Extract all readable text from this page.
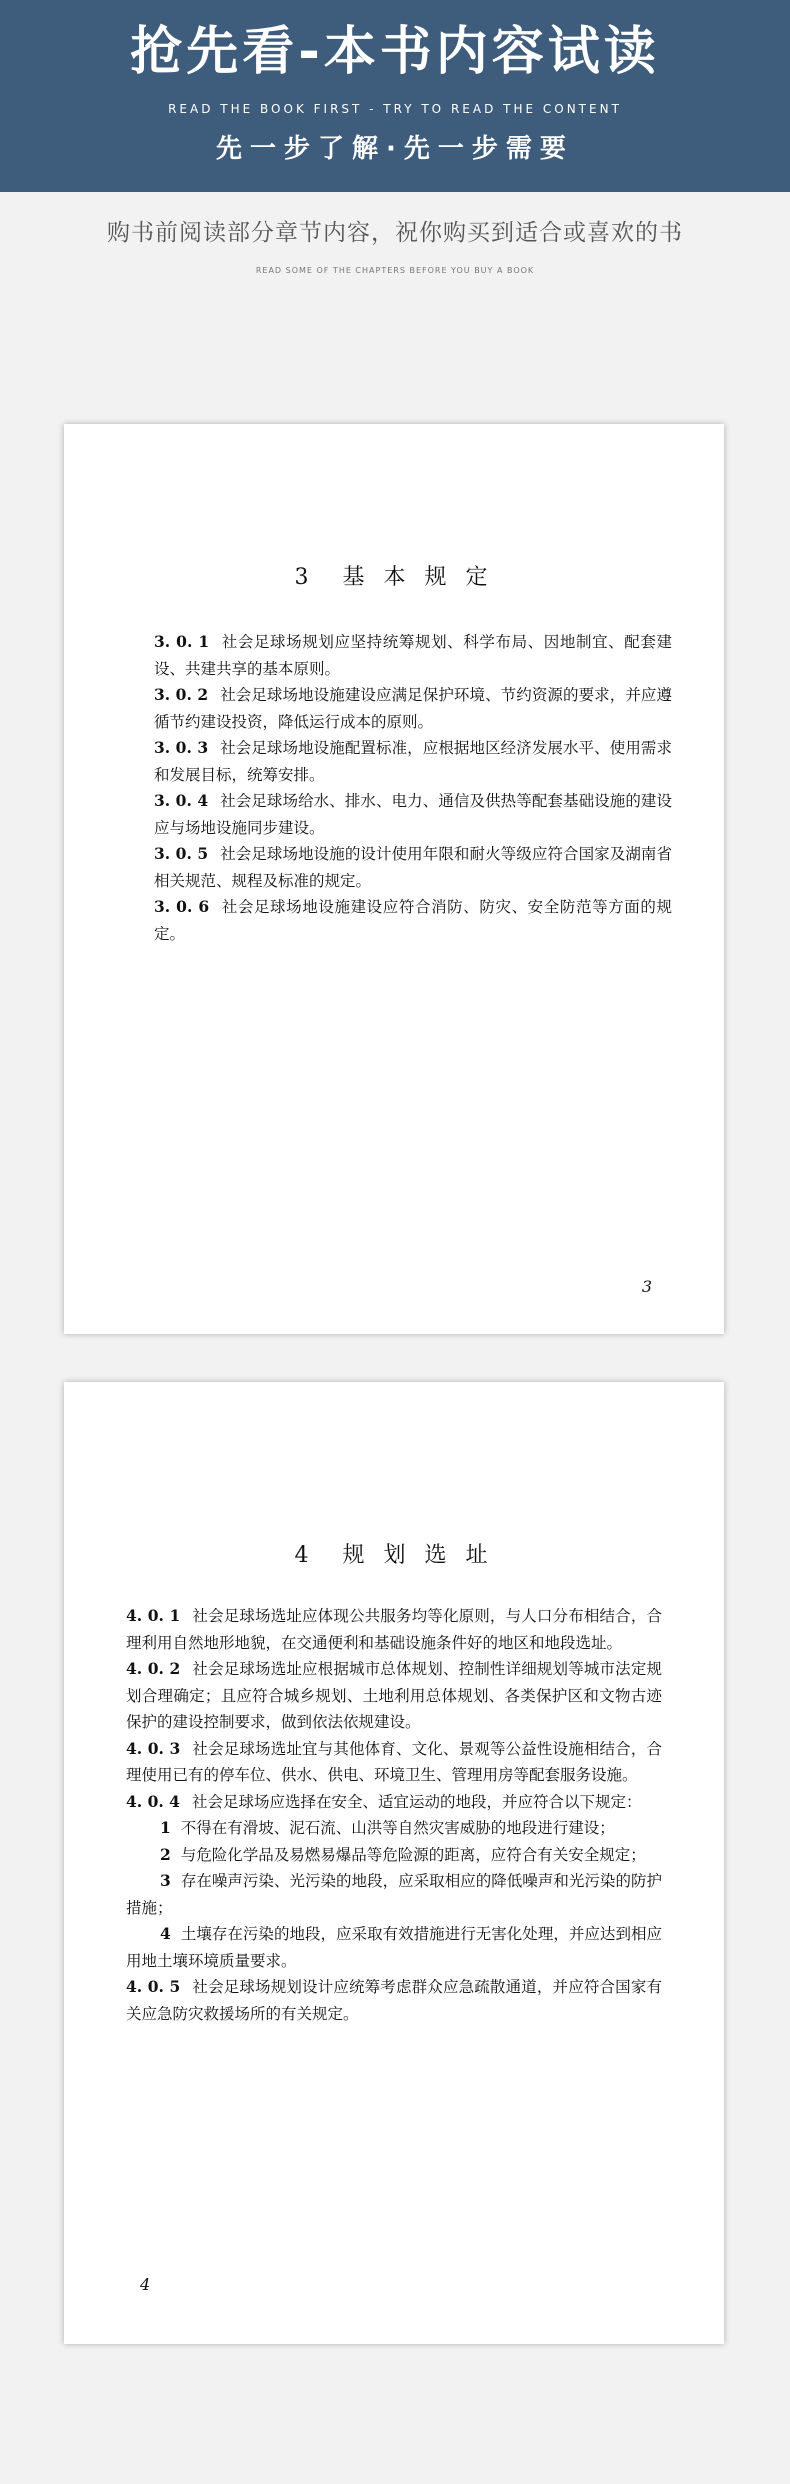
抢先看-本书内容试读
READ THE BOOK FIRST - TRY TO READ THE CONTENT
先一步了解·先一步需要
购书前阅读部分章节内容，祝你购买到适合或喜欢的书
READ SOME OF THE CHAPTERS BEFORE YOU BUY A BOOK
3　基 本 规 定

3. 0. 1 社会足球场规划应坚持统筹规划、科学布局、因地制宜、配套建设、共建共享的基本原则。

3. 0. 2 社会足球场地设施建设应满足保护环境、节约资源的要求，并应遵循节约建设投资，降低运行成本的原则。

3. 0. 3 社会足球场地设施配置标准，应根据地区经济发展水平、使用需求和发展目标，统筹安排。

3. 0. 4 社会足球场给水、排水、电力、通信及供热等配套基础设施的建设应与场地设施同步建设。

3. 0. 5 社会足球场地设施的设计使用年限和耐火等级应符合国家及湖南省相关规范、规程及标准的规定。

3. 0. 6 社会足球场地设施建设应符合消防、防灾、安全防范等方面的规定。

3
4　规 划 选 址

4. 0. 1 社会足球场选址应体现公共服务均等化原则，与人口分布相结合，合理利用自然地形地貌，在交通便利和基础设施条件好的地区和地段选址。

4. 0. 2 社会足球场选址应根据城市总体规划、控制性详细规划等城市法定规划合理确定；且应符合城乡规划、土地利用总体规划、各类保护区和文物古迹保护的建设控制要求，做到依法依规建设。

4. 0. 3 社会足球场选址宜与其他体育、文化、景观等公益性设施相结合，合理使用已有的停车位、供水、供电、环境卫生、管理用房等配套服务设施。

4. 0. 4 社会足球场应选择在安全、适宜运动的地段，并应符合以下规定：

1 不得在有滑坡、泥石流、山洪等自然灾害威胁的地段进行建设；

2 与危险化学品及易燃易爆品等危险源的距离，应符合有关安全规定；

3 存在噪声污染、光污染的地段，应采取相应的降低噪声和光污染的防护措施；

4 土壤存在污染的地段，应采取有效措施进行无害化处理，并应达到相应用地土壤环境质量要求。

4. 0. 5 社会足球场规划设计应统筹考虑群众应急疏散通道，并应符合国家有关应急防灾救援场所的有关规定。

4
